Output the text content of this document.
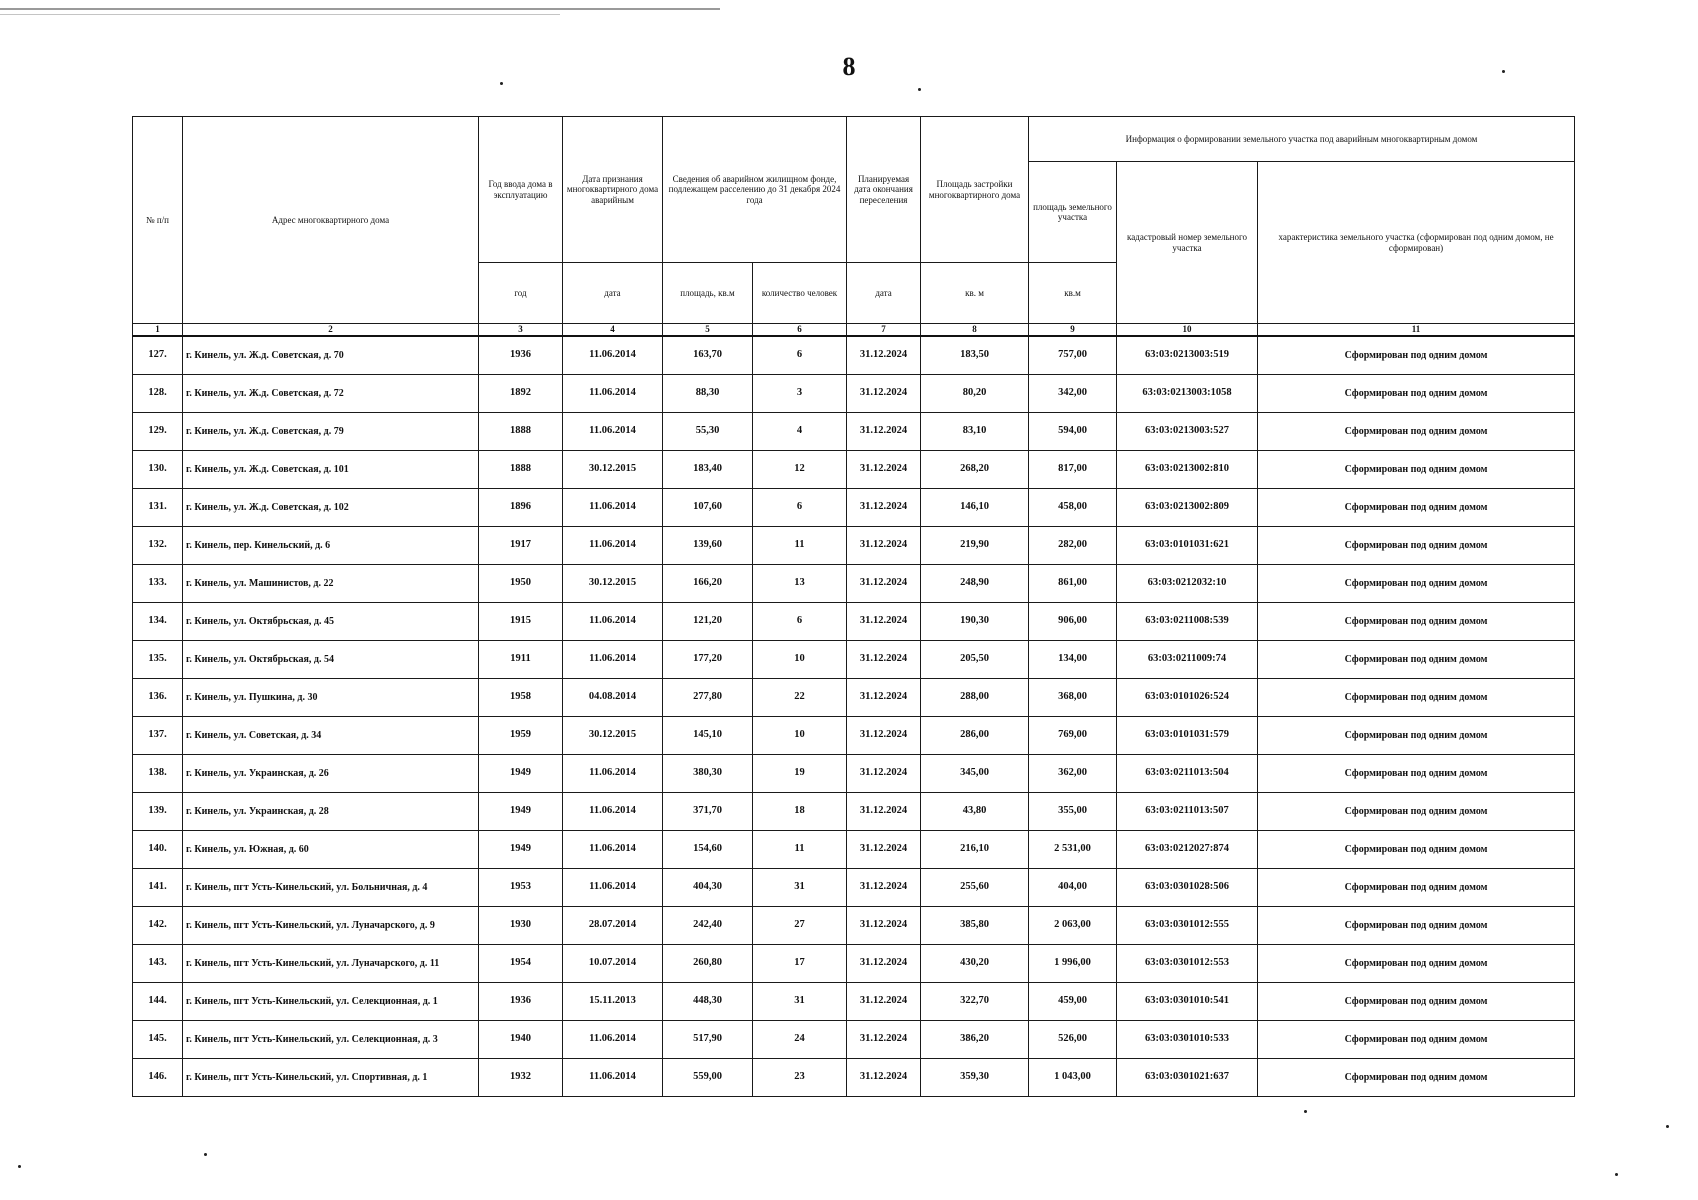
8
№ п/п	Адрес многоквартирного дома	Год ввода дома в эксплуатацию	Дата признания многоквартирного дома аварийным	Сведения об аварийном жилищном фонде, подлежащем расселению до 31 декабря 2024 года		Планируемая дата окончания переселения	Площадь застройки многоквартирного дома	Информация о формировании земельного участка под аварийным многоквартирным домом		
								площадь земельного участка	кадастровый номер земельного участка	характеристика земельного участка (сформирован под одним домом, не сформирован)
		год	дата	площадь, кв.м	количество человек	дата	кв. м	кв.м		
1	2	3	4	5	6	7	8	9	10	11
127.	г. Кинель, ул. Ж.д. Советская, д. 70	1936	11.06.2014	163,70	6	31.12.2024	183,50	757,00	63:03:0213003:519	Сформирован под одним домом
128.	г. Кинель, ул. Ж.д. Советская, д. 72	1892	11.06.2014	88,30	3	31.12.2024	80,20	342,00	63:03:0213003:1058	Сформирован под одним домом
129.	г. Кинель, ул. Ж.д. Советская, д. 79	1888	11.06.2014	55,30	4	31.12.2024	83,10	594,00	63:03:0213003:527	Сформирован под одним домом
130.	г. Кинель, ул. Ж.д. Советская, д. 101	1888	30.12.2015	183,40	12	31.12.2024	268,20	817,00	63:03:0213002:810	Сформирован под одним домом
131.	г. Кинель, ул. Ж.д. Советская, д. 102	1896	11.06.2014	107,60	6	31.12.2024	146,10	458,00	63:03:0213002:809	Сформирован под одним домом
132.	г. Кинель, пер. Кинельский, д. 6	1917	11.06.2014	139,60	11	31.12.2024	219,90	282,00	63:03:0101031:621	Сформирован под одним домом
133.	г. Кинель, ул. Машинистов, д. 22	1950	30.12.2015	166,20	13	31.12.2024	248,90	861,00	63:03:0212032:10	Сформирован под одним домом
134.	г. Кинель, ул. Октябрьская, д. 45	1915	11.06.2014	121,20	6	31.12.2024	190,30	906,00	63:03:0211008:539	Сформирован под одним домом
135.	г. Кинель, ул. Октябрьская, д. 54	1911	11.06.2014	177,20	10	31.12.2024	205,50	134,00	63:03:0211009:74	Сформирован под одним домом
136.	г. Кинель, ул. Пушкина, д. 30	1958	04.08.2014	277,80	22	31.12.2024	288,00	368,00	63:03:0101026:524	Сформирован под одним домом
137.	г. Кинель, ул. Советская, д. 34	1959	30.12.2015	145,10	10	31.12.2024	286,00	769,00	63:03:0101031:579	Сформирован под одним домом
138.	г. Кинель, ул. Украинская, д. 26	1949	11.06.2014	380,30	19	31.12.2024	345,00	362,00	63:03:0211013:504	Сформирован под одним домом
139.	г. Кинель, ул. Украинская, д. 28	1949	11.06.2014	371,70	18	31.12.2024	43,80	355,00	63:03:0211013:507	Сформирован под одним домом
140.	г. Кинель, ул. Южная, д. 60	1949	11.06.2014	154,60	11	31.12.2024	216,10	2 531,00	63:03:0212027:874	Сформирован под одним домом
141.	г. Кинель, пгт Усть-Кинельский, ул. Больничная, д. 4	1953	11.06.2014	404,30	31	31.12.2024	255,60	404,00	63:03:0301028:506	Сформирован под одним домом
142.	г. Кинель, пгт Усть-Кинельский, ул. Луначарского, д. 9	1930	28.07.2014	242,40	27	31.12.2024	385,80	2 063,00	63:03:0301012:555	Сформирован под одним домом
143.	г. Кинель, пгт Усть-Кинельский, ул. Луначарского, д. 11	1954	10.07.2014	260,80	17	31.12.2024	430,20	1 996,00	63:03:0301012:553	Сформирован под одним домом
144.	г. Кинель, пгт Усть-Кинельский, ул. Селекционная, д. 1	1936	15.11.2013	448,30	31	31.12.2024	322,70	459,00	63:03:0301010:541	Сформирован под одним домом
145.	г. Кинель, пгт Усть-Кинельский, ул. Селекционная, д. 3	1940	11.06.2014	517,90	24	31.12.2024	386,20	526,00	63:03:0301010:533	Сформирован под одним домом
146.	г. Кинель, пгт Усть-Кинельский, ул. Спортивная, д. 1	1932	11.06.2014	559,00	23	31.12.2024	359,30	1 043,00	63:03:0301021:637	Сформирован под одним домом
